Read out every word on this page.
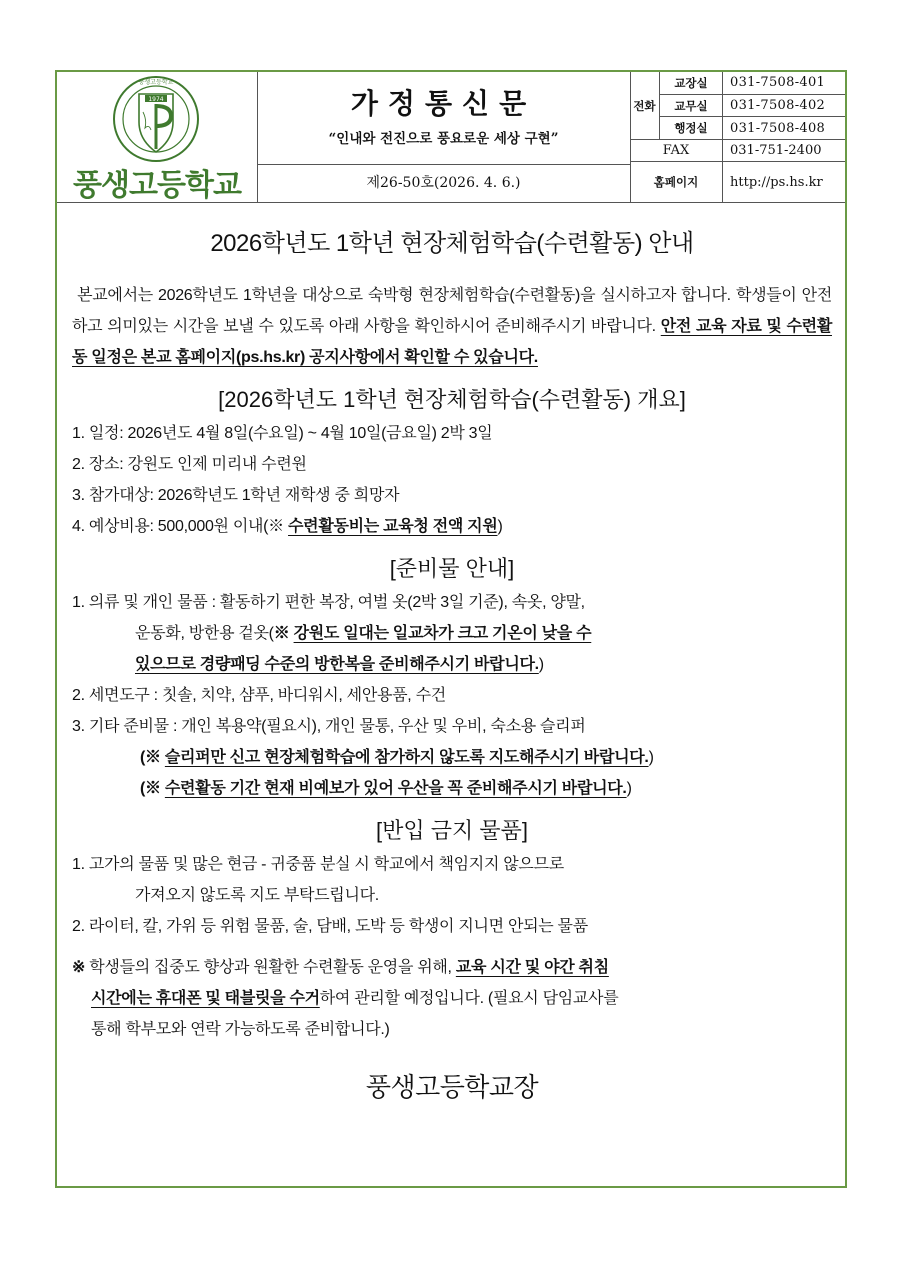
1974
풍생고등학교
풍생고등학교
가정통신문
“인내와 전진으로 풍요로운 세상 구현”
제26-50호(2026. 4. 6.)
전화
교장실	031-7508-401
교무실	031-7508-402
행정실	031-7508-408
FAX	031-751-2400
홈페이지	http://ps.hs.kr
2026학년도 1학년 현장체험학습(수련활동) 안내
본교에서는 2026학년도 1학년을 대상으로 숙박형 현장체험학습(수련활동)을 실시하고자 합니다. 학생들이 안전하고 의미있는 시간을 보낼 수 있도록 아래 사항을 확인하시어 준비해주시기 바랍니다. 안전 교육 자료 및 수련활동 일정은 본교 홈페이지(ps.hs.kr) 공지사항에서 확인할 수 있습니다.
[2026학년도 1학년 현장체험학습(수련활동) 개요]
1. 일정: 2026년도 4월 8일(수요일) ~ 4월 10일(금요일) 2박 3일
2. 장소: 강원도 인제 미리내 수련원
3. 참가대상: 2026학년도 1학년 재학생 중 희망자
4. 예상비용: 500,000원 이내(※ 수련활동비는 교육청 전액 지원)
[준비물 안내]
1. 의류 및 개인 물품 : 활동하기 편한 복장, 여벌 옷(2박 3일 기준), 속옷, 양말,
운동화, 방한용 겉옷(※ 강원도 일대는 일교차가 크고 기온이 낮을 수
있으므로 경량패딩 수준의 방한복을 준비해주시기 바랍니다.)
2. 세면도구 : 칫솔, 치약, 샴푸, 바디워시, 세안용품, 수건
3. 기타 준비물 : 개인 복용약(필요시), 개인 물통, 우산 및 우비, 숙소용 슬리퍼
(※ 슬리퍼만 신고 현장체험학습에 참가하지 않도록 지도해주시기 바랍니다.)
(※ 수련활동 기간 현재 비예보가 있어 우산을 꼭 준비해주시기 바랍니다.)
[반입 금지 물품]
1. 고가의 물품 및 많은 현금 - 귀중품 분실 시 학교에서 책임지지 않으므로
가져오지 않도록 지도 부탁드립니다.
2. 라이터, 칼, 가위 등 위험 물품, 술, 담배, 도박 등 학생이 지니면 안되는 물품
※ 학생들의 집중도 향상과 원활한 수련활동 운영을 위해, 교육 시간 및 야간 취침
시간에는 휴대폰 및 태블릿을 수거하여 관리할 예정입니다. (필요시 담임교사를
통해 학부모와 연락 가능하도록 준비합니다.)
풍생고등학교장
